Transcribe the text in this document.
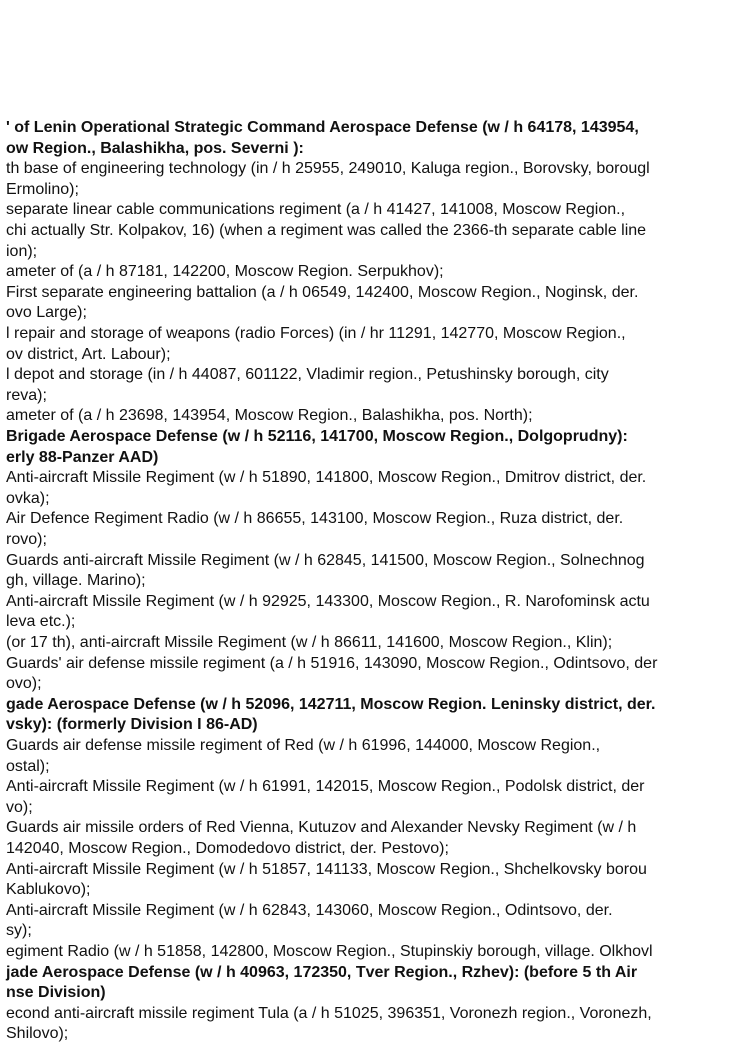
' of Lenin Operational Strategic Command Aerospace Defense (w / h 64178, 143954,
ow Region., Balashikha, pos. Severni ):
th base of engineering technology (in / h 25955, 249010, Kaluga region., Borovsky, borougl
Ermolino);
separate linear cable communications regiment (a / h 41427, 141008, Moscow Region.,
chi actually Str. Kolpakov, 16) (when a regiment was called the 2366-th separate cable line
ion);
ameter of (a / h 87181, 142200, Moscow Region. Serpukhov);
First separate engineering battalion (a / h 06549, 142400, Moscow Region., Noginsk, der.
ovo Large);
l repair and storage of weapons (radio Forces) (in / hr 11291, 142770, Moscow Region.,
ov district, Art. Labour);
l depot and storage (in / h 44087, 601122, Vladimir region., Petushinsky borough, city
reva);
ameter of (a / h 23698, 143954, Moscow Region., Balashikha, pos. North);
Brigade Aerospace Defense (w / h 52116, 141700, Moscow Region., Dolgoprudny):
erly 88-Panzer AAD)
Anti-aircraft Missile Regiment (w / h 51890, 141800, Moscow Region., Dmitrov district, der.
ovka);
Air Defence Regiment Radio (w / h 86655, 143100, Moscow Region., Ruza district, der.
rovo);
Guards anti-aircraft Missile Regiment (w / h 62845, 141500, Moscow Region., Solnechnog
gh, village. Marino);
Anti-aircraft Missile Regiment (w / h 92925, 143300, Moscow Region., R. Narofominsk actu
leva etc.);
(or 17 th), anti-aircraft Missile Regiment (w / h 86611, 141600, Moscow Region., Klin);
Guards' air defense missile regiment (a / h 51916, 143090, Moscow Region., Odintsovo, der
ovo);
gade Aerospace Defense (w / h 52096, 142711, Moscow Region. Leninsky district, der.
vsky): (formerly Division I 86-AD)
Guards air defense missile regiment of Red (w / h 61996, 144000, Moscow Region.,
ostal);
Anti-aircraft Missile Regiment (w / h 61991, 142015, Moscow Region., Podolsk district, der
vo);
Guards air missile orders of Red Vienna, Kutuzov and Alexander Nevsky Regiment (w / h
142040, Moscow Region., Domodedovo district, der. Pestovo);
Anti-aircraft Missile Regiment (w / h 51857, 141133, Moscow Region., Shchelkovsky borou
Kablukovo);
Anti-aircraft Missile Regiment (w / h 62843, 143060, Moscow Region., Odintsovo, der.
sy);
egiment Radio (w / h 51858, 142800, Moscow Region., Stupinskiy borough, village. Olkhovl
jade Aerospace Defense (w / h 40963, 172350, Tver Region., Rzhev): (before 5 th Air
nse Division)
econd anti-aircraft missile regiment Tula (a / h 51025, 396351, Voronezh region., Voronezh,
Shilovo);
